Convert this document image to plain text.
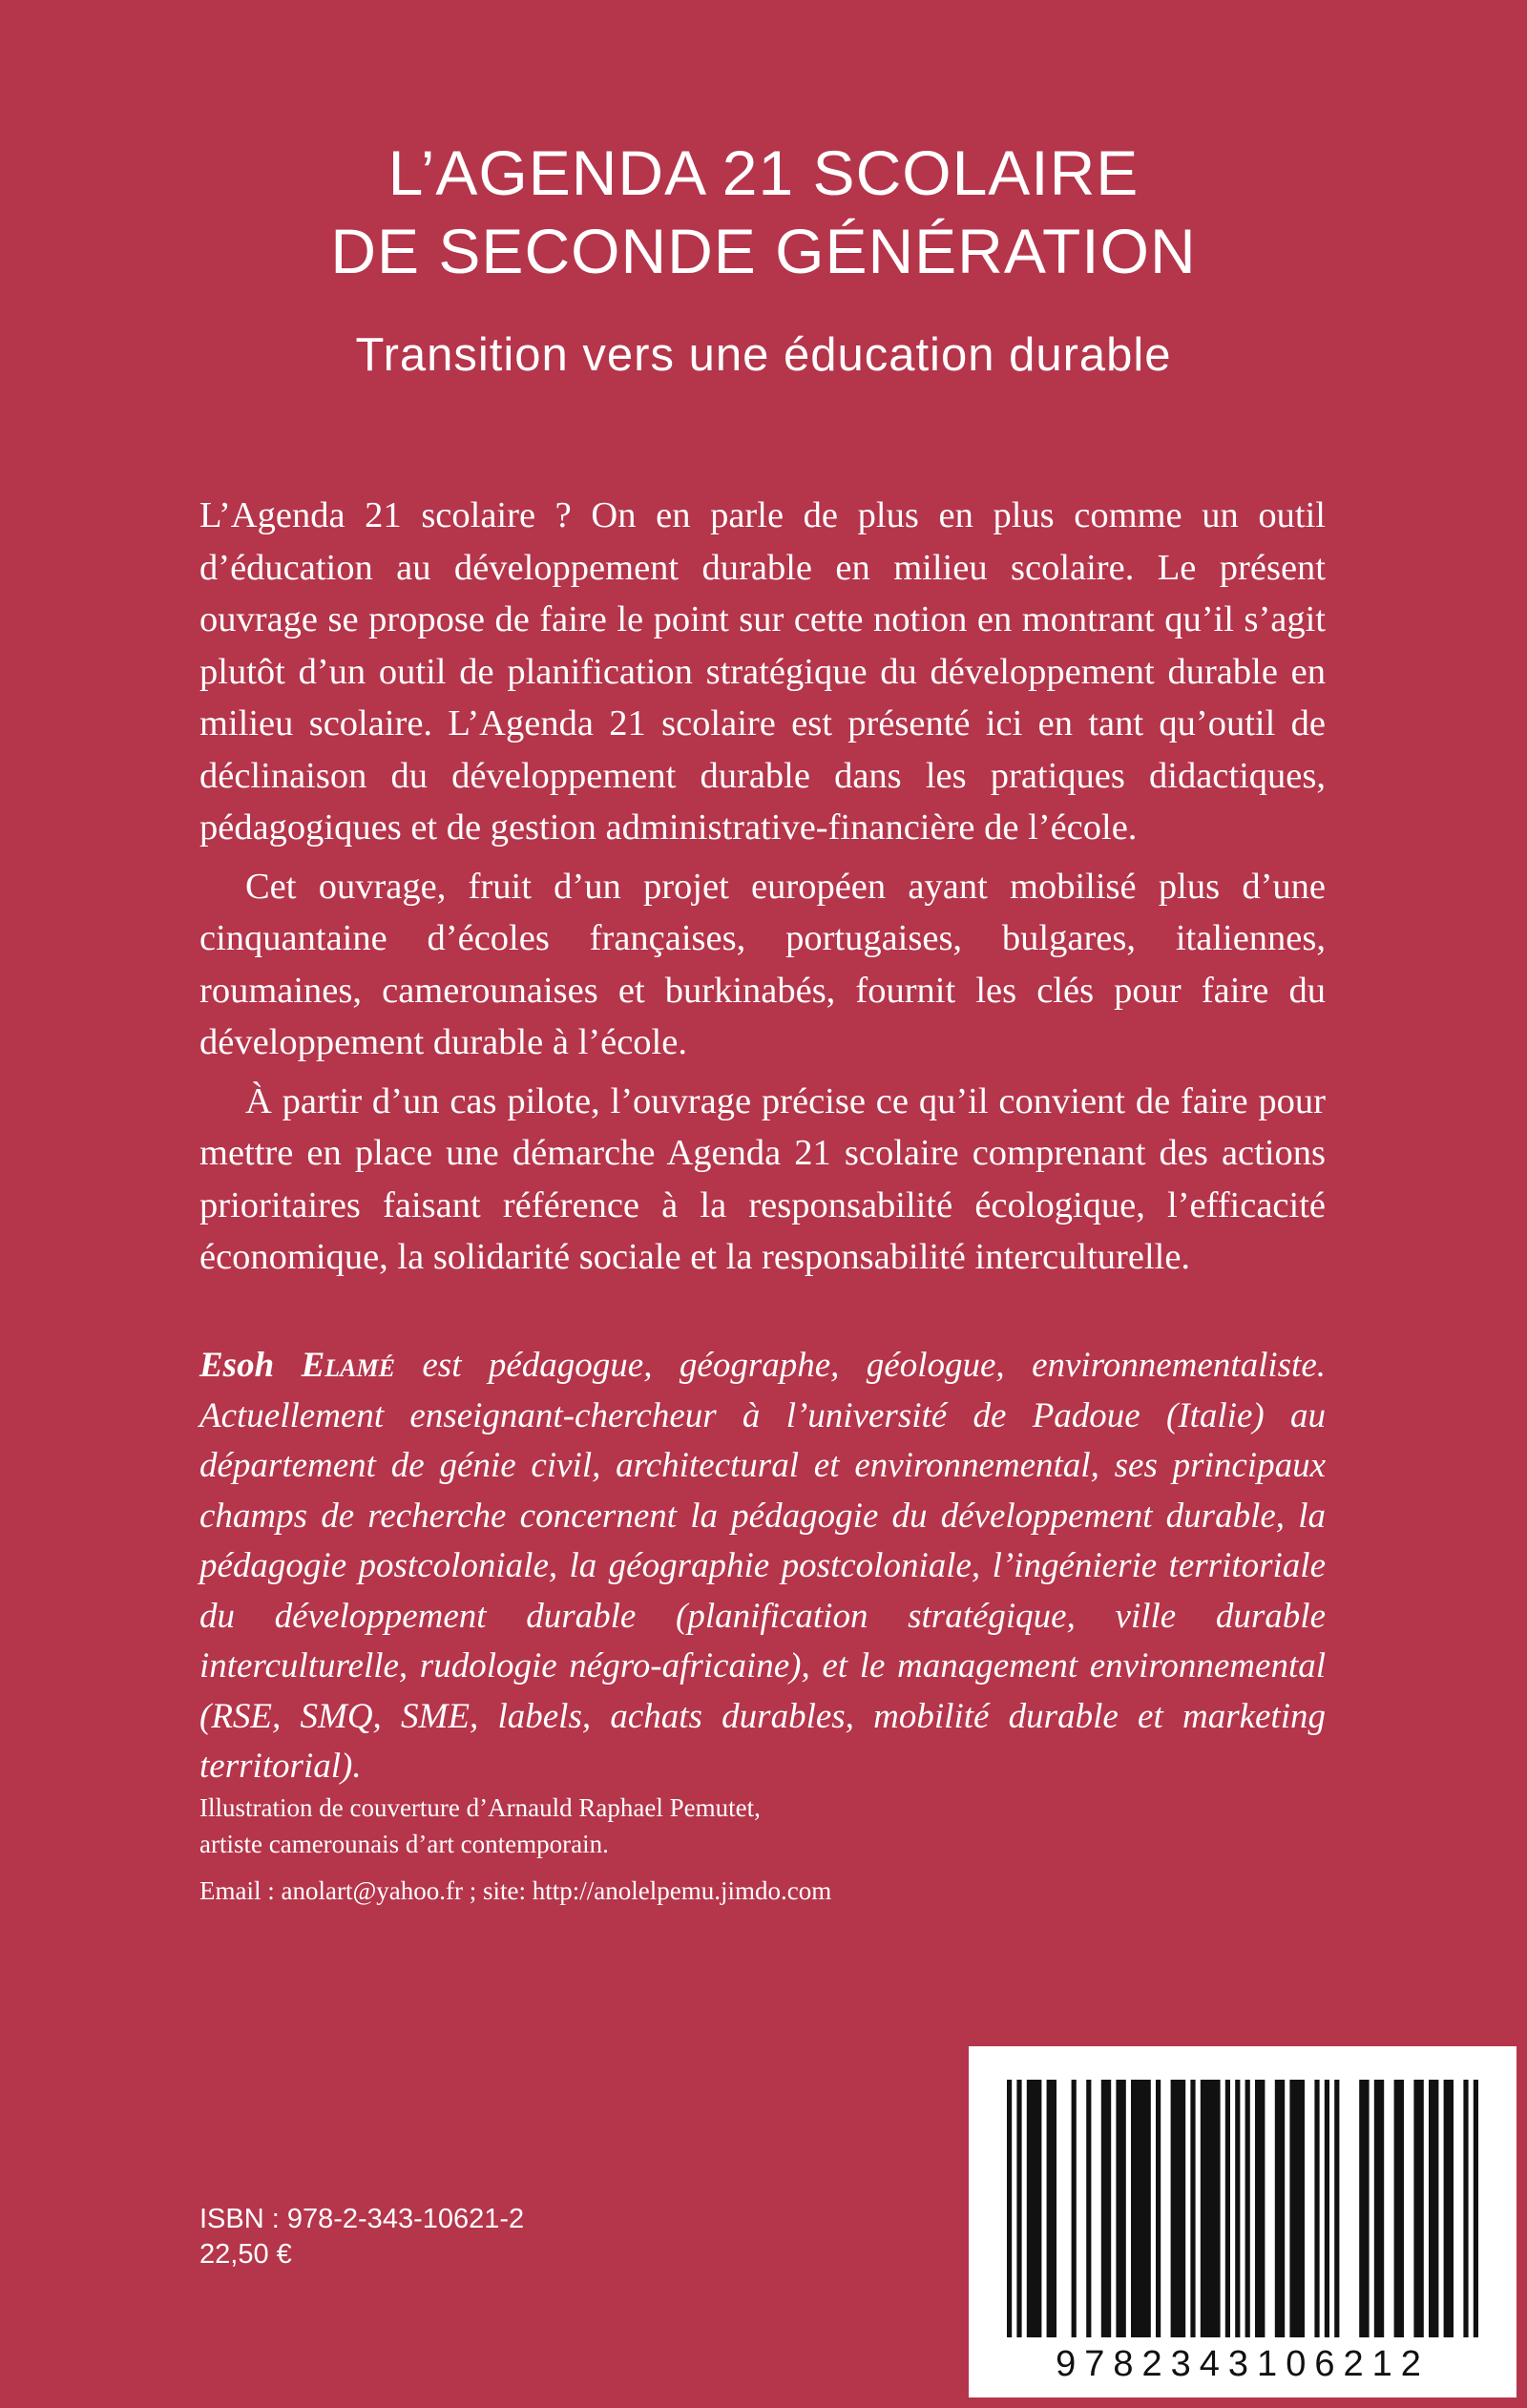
L’AGENDA 21 SCOLAIRE
DE SECONDE GÉNÉRATION
Transition vers une éducation durable

L’Agenda 21 scolaire ? On en parle de plus en plus comme un outil d’éducation au développement durable en milieu scolaire. Le présent ouvrage se propose de faire le point sur cette notion en montrant qu’il s’agit plutôt d’un outil de planification stratégique du développement durable en milieu scolaire. L’Agenda 21 scolaire est présenté ici en tant qu’outil de déclinaison du développement durable dans les pratiques didactiques, pédagogiques et de gestion administrative-financière de l’école.

Cet ouvrage, fruit d’un projet européen ayant mobilisé plus d’une cinquantaine d’écoles françaises, portugaises, bulgares, italiennes, roumaines, camerounaises et burkinabés, fournit les clés pour faire du développement durable à l’école.

À partir d’un cas pilote, l’ouvrage précise ce qu’il convient de faire pour mettre en place une démarche Agenda 21 scolaire comprenant des actions prioritaires faisant référence à la responsabilité écologique, l’efficacité économique, la solidarité sociale et la responsabilité interculturelle.

Esoh Elamé est pédagogue, géographe, géologue, environnementaliste. Actuellement enseignant-chercheur à l’université de Padoue (Italie) au département de génie civil, architectural et environnemental, ses principaux champs de recherche concernent la pédagogie du développement durable, la pédagogie postcoloniale, la géographie postcoloniale, l’ingénierie territoriale du développement durable (planification stratégique, ville durable interculturelle, rudologie négro-africaine), et le management environnemental (RSE, SMQ, SME, labels, achats durables, mobilité durable et marketing territorial).
Illustration de couverture d’Arnauld Raphael Pemutet,
artiste camerounais d’art contemporain.
Email : anolart@yahoo.fr ; site: http://anolelpemu.jimdo.com
ISBN : 978-2-343-10621-2
22,50 €
9782343106212
